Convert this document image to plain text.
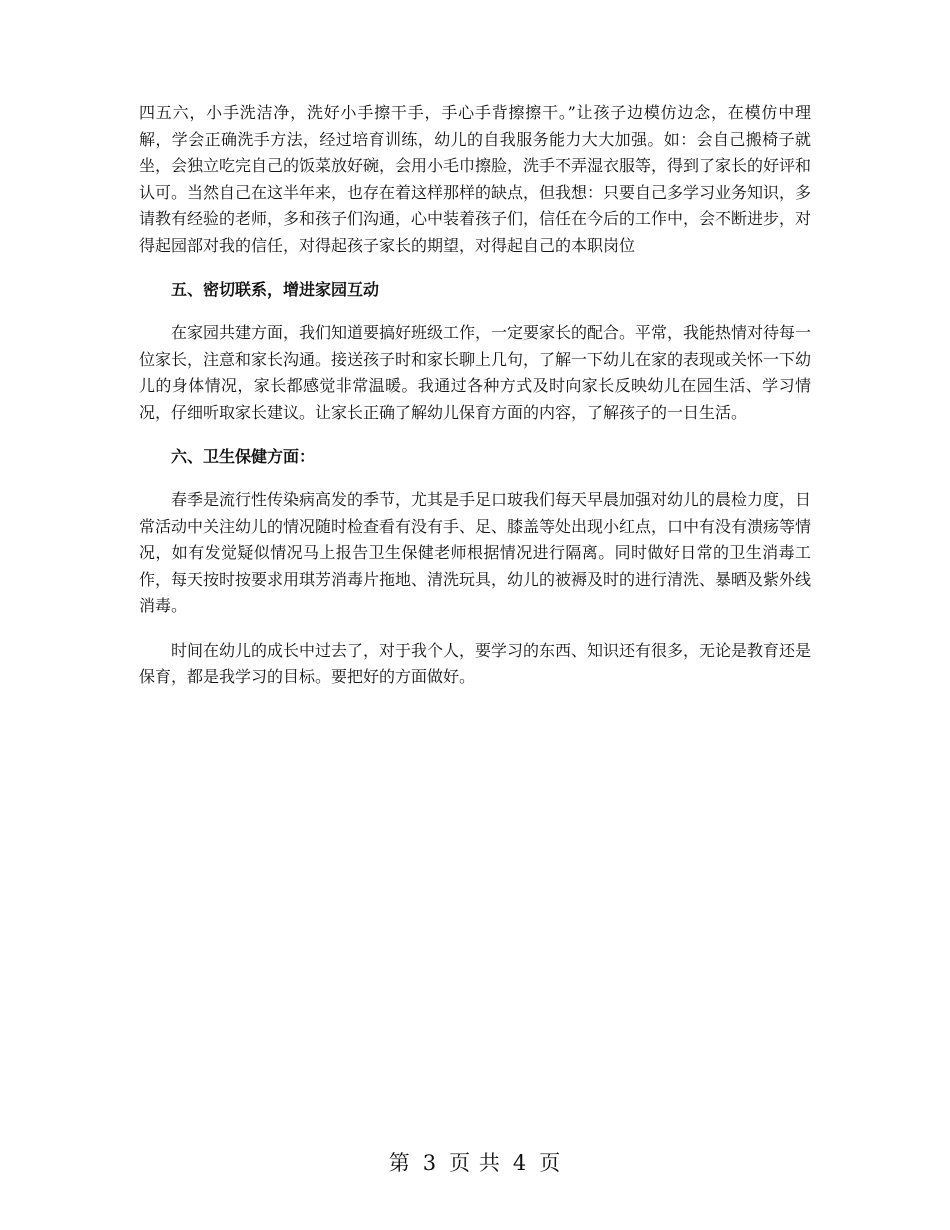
四五六，小手洗洁净，洗好小手擦干手，手心手背擦擦干。”让孩子边模仿边念，在模仿中理解，学会正确洗手方法，经过培育训练，幼儿的自我服务能力大大加强。如：会自己搬椅子就坐，会独立吃完自己的饭菜放好碗，会用小毛巾擦脸，洗手不弄湿衣服等，得到了家长的好评和认可。当然自己在这半年来，也存在着这样那样的缺点，但我想：只要自己多学习业务知识，多请教有经验的老师，多和孩子们沟通，心中装着孩子们，信任在今后的工作中，会不断进步，对得起园部对我的信任，对得起孩子家长的期望，对得起自己的本职岗位

五、密切联系，增进家园互动

在家园共建方面，我们知道要搞好班级工作，一定要家长的配合。平常，我能热情对待每一位家长，注意和家长沟通。接送孩子时和家长聊上几句，了解一下幼儿在家的表现或关怀一下幼儿的身体情况，家长都感觉非常温暖。我通过各种方式及时向家长反映幼儿在园生活、学习情况，仔细听取家长建议。让家长正确了解幼儿保育方面的内容，了解孩子的一日生活。

六、卫生保健方面：

春季是流行性传染病高发的季节，尤其是手足口玻我们每天早晨加强对幼儿的晨检力度，日常活动中关注幼儿的情况随时检查看有没有手、足、膝盖等处出现小红点，口中有没有溃疡等情况，如有发觉疑似情况马上报告卫生保健老师根据情况进行隔离。同时做好日常的卫生消毒工作，每天按时按要求用琪芳消毒片拖地、清洗玩具，幼儿的被褥及时的进行清洗、暴晒及紫外线消毒。

时间在幼儿的成长中过去了，对于我个人，要学习的东西、知识还有很多，无论是教育还是保育，都是我学习的目标。要把好的方面做好。

第 3 页 共 4 页
